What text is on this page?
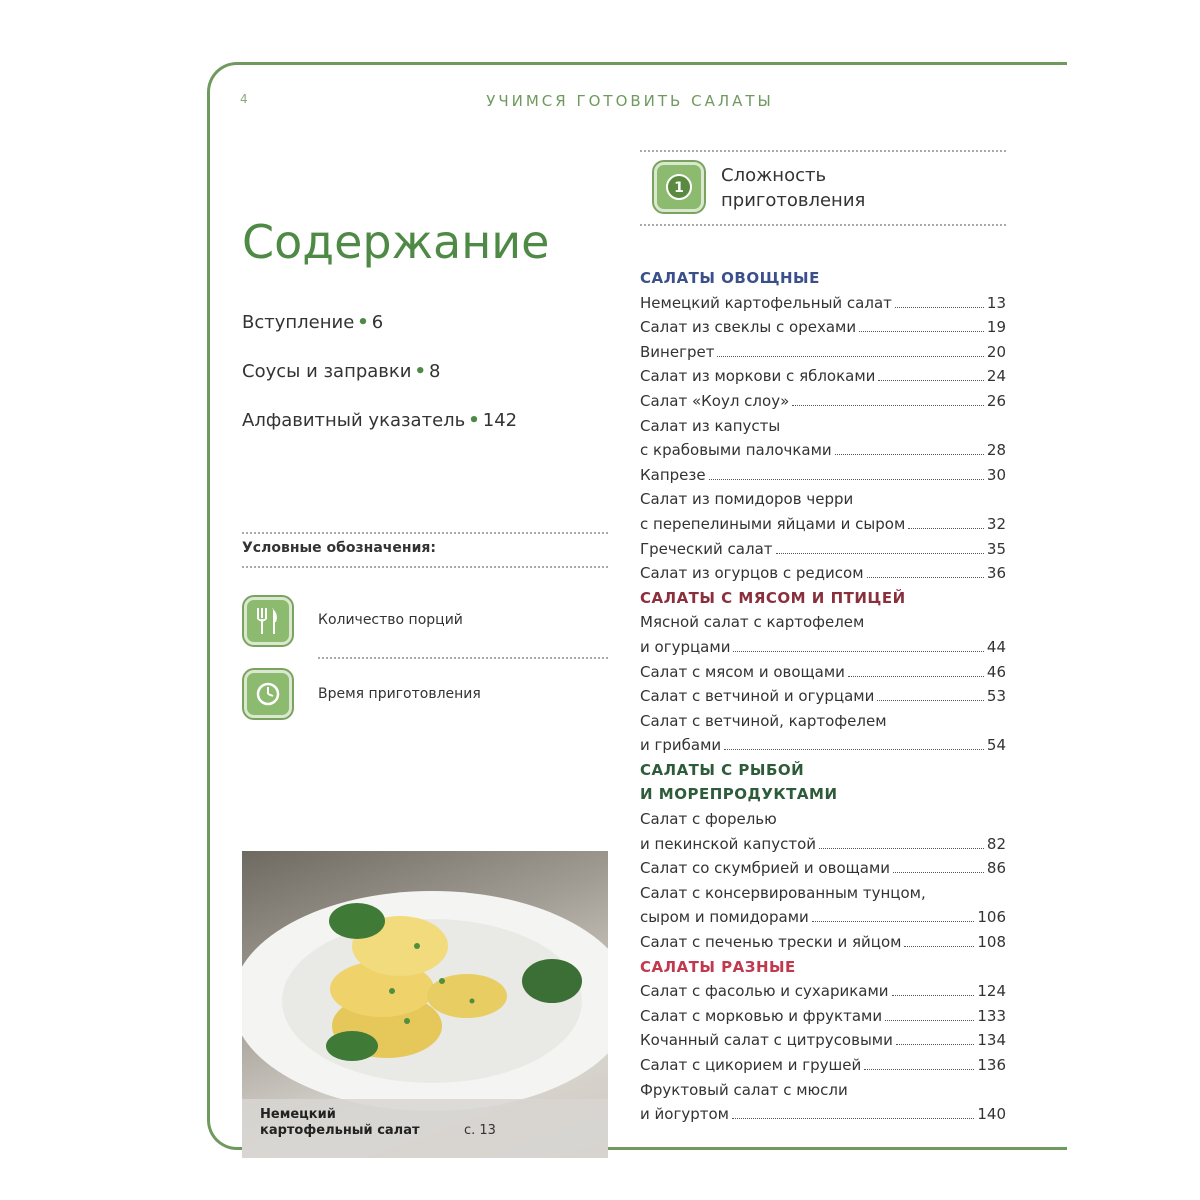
4	УЧИМСЯ ГОТОВИТЬ САЛАТЫ
Содержание
Вступление • 6
Соусы и заправки • 8
Алфавитный указатель • 142
Условные обозначения:
Количество порций
Время приготовления
Немецкий
картофельный салат	с. 13
1
Сложность
приготовления
САЛАТЫ ОВОЩНЫЕ
Немецкий картофельный салат	13
Салат из свеклы с орехами	19
Винегрет	20
Салат из моркови с яблоками	24
Салат «Коул слоу»	26
Салат из капусты
с крабовыми палочками	28
Капрезе	30
Салат из помидоров черри
с перепелиными яйцами и сыром	32
Греческий салат	35
Салат из огурцов с редисом	36
САЛАТЫ С МЯСОМ И ПТИЦЕЙ
Мясной салат с картофелем
и огурцами	44
Салат с мясом и овощами	46
Салат с ветчиной и огурцами	53
Салат с ветчиной, картофелем
и грибами	54
САЛАТЫ С РЫБОЙ
И МОРЕПРОДУКТАМИ
Салат с форелью
и пекинской капустой	82
Салат со скумбрией и овощами	86
Салат с консервированным тунцом,
сыром и помидорами	106
Салат с печенью трески и яйцом	108
САЛАТЫ РАЗНЫЕ
Салат с фасолью и сухариками	124
Салат с морковью и фруктами	133
Кочанный салат с цитрусовыми	134
Салат с цикорием и грушей	136
Фруктовый салат с мюсли
и йогуртом	140
